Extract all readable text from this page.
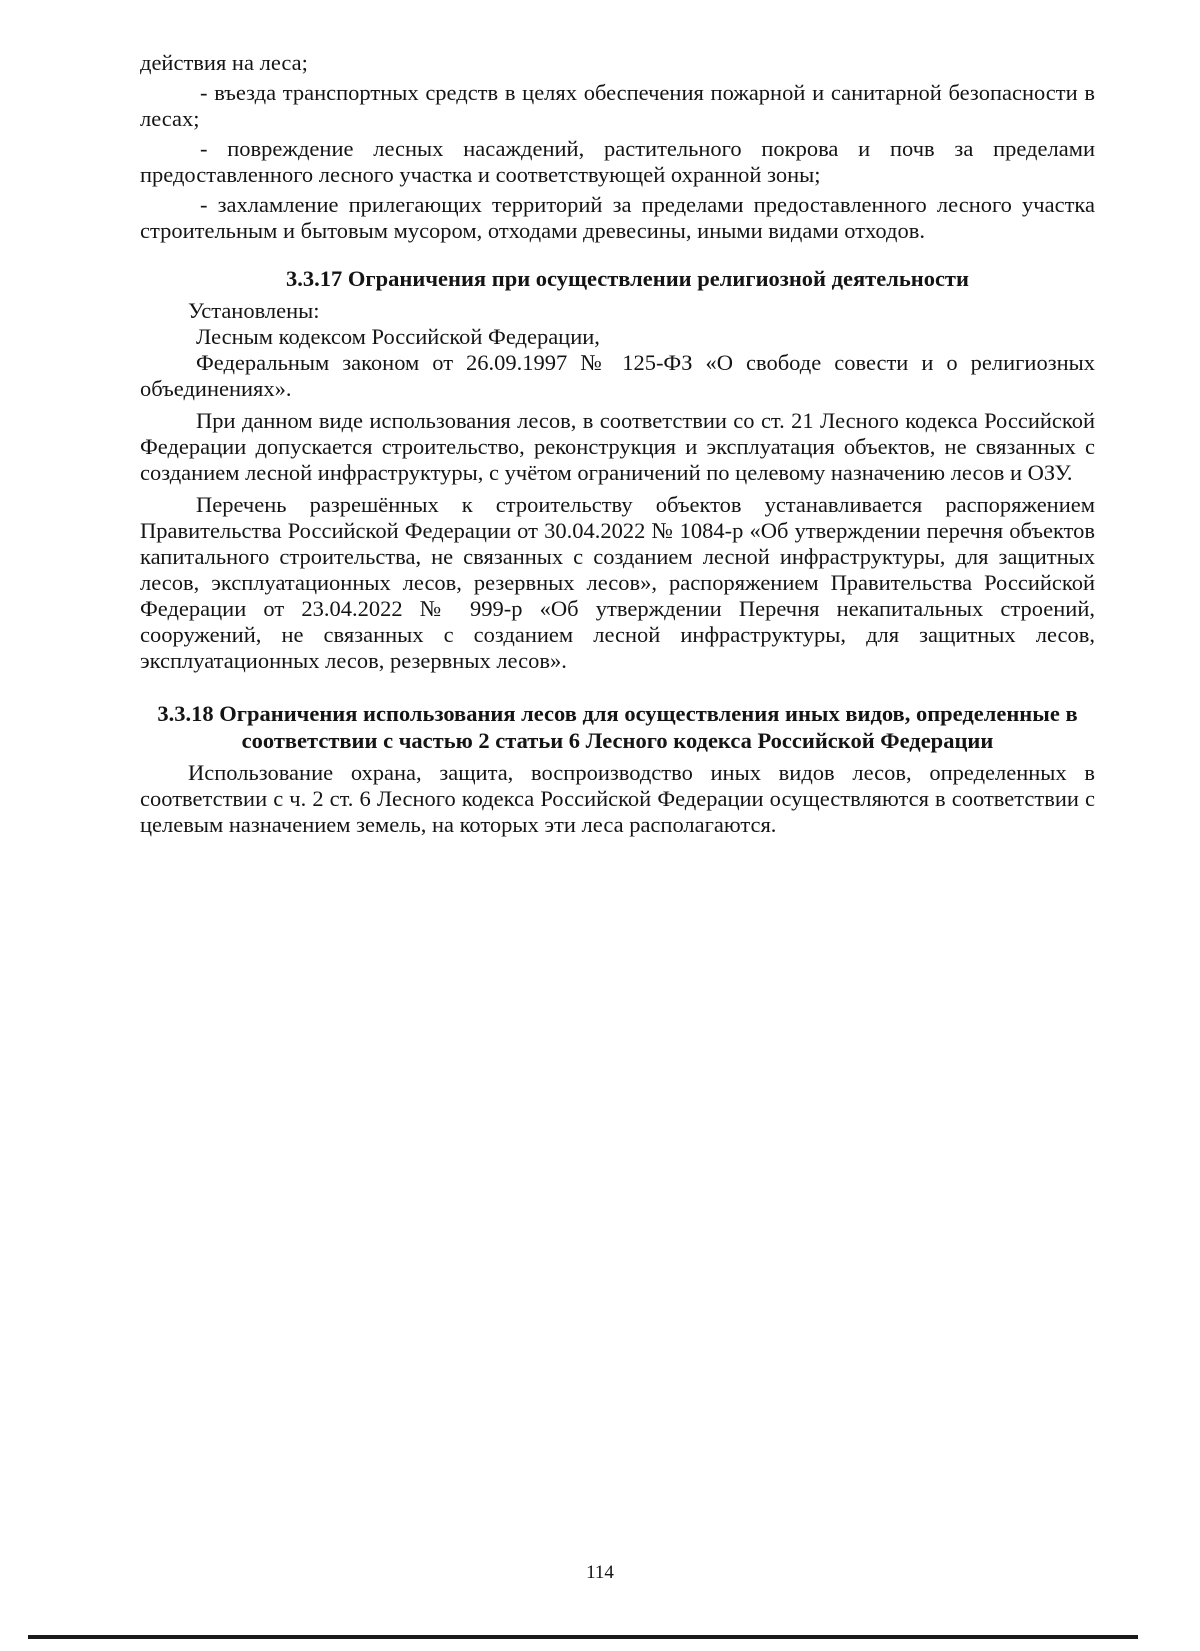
действия на леса;

- въезда транспортных средств в целях обеспечения пожарной и санитарной безопасности в лесах;

- повреждение лесных насаждений, растительного покрова и почв за пределами предоставленного лесного участка и соответствующей охранной зоны;

- захламление прилегающих территорий за пределами предоставленного лесного участка строительным и бытовым мусором, отходами древесины, иными видами отходов.

3.3.17 Ограничения при осуществлении религиозной деятельности

Установлены:

Лесным кодексом Российской Федерации,

Федеральным законом от 26.09.1997 № 125-ФЗ «О свободе совести и о религиозных объединениях».

При данном виде использования лесов, в соответствии со ст. 21 Лесного кодекса Российской Федерации допускается строительство, реконструкция и эксплуатация объектов, не связанных с созданием лесной инфраструктуры, с учётом ограничений по целевому назначению лесов и ОЗУ.

Перечень разрешённых к строительству объектов устанавливается распоряжением Правительства Российской Федерации от 30.04.2022 № 1084-р «Об утверждении перечня объектов капитального строительства, не связанных с созданием лесной инфраструктуры, для защитных лесов, эксплуатационных лесов, резервных лесов», распоряжением Правительства Российской Федерации от 23.04.2022 № 999-р «Об утверждении Перечня некапитальных строений, сооружений, не связанных с созданием лесной инфраструктуры, для защитных лесов, эксплуатационных лесов, резервных лесов».

3.3.18 Ограничения использования лесов для осуществления иных видов, определенные в соответствии с частью 2 статьи 6 Лесного кодекса Российской Федерации

Использование охрана, защита, воспроизводство иных видов лесов, определенных в соответствии с ч. 2 ст. 6 Лесного кодекса Российской Федерации осуществляются в соответствии с целевым назначением земель, на которых эти леса располагаются.

114
